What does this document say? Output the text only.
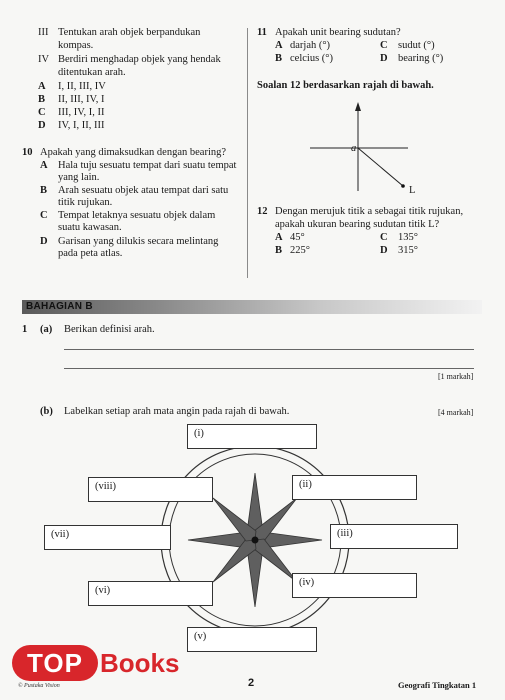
III Tentukan arah objek berpandukan
kompas.
IV Berdiri menghadap objek yang hendak
ditentukan arah.
A I, II, III, IV
B II, III, IV, I
C III, IV, I, II
D IV, I, II, III
10 Apakah yang dimaksudkan dengan bearing?
A Hala tuju sesuatu tempat dari suatu tempat
yang lain.
B Arah sesuatu objek atau tempat dari satu
titik rujukan.
C Tempat letaknya sesuatu objek dalam
suatu kawasan.
D Garisan yang dilukis secara melintang
pada peta atlas.
11 Apakah unit bearing sudutan?
A darjah (°)	C sudut (°)
B celcius (°)	D bearing (°)
Soalan 12 berdasarkan rajah di bawah.
a
L
12 Dengan merujuk titik a sebagai titik rujukan,
apakah ukuran bearing sudutan titik L?
A 45°	C 135°
B 225°	D 315°
BAHAGIAN B
1 (a) Berikan definisi arah.
[1 markah]
(b) Labelkan setiap arah mata angin pada rajah di bawah.	[4 markah]
(i)
(ii)
(iii)
(iv)
(v)
(vi)
(vii)
(viii)
TOP Books
© Pustaka Vision	2	Geografi Tingkatan 1
